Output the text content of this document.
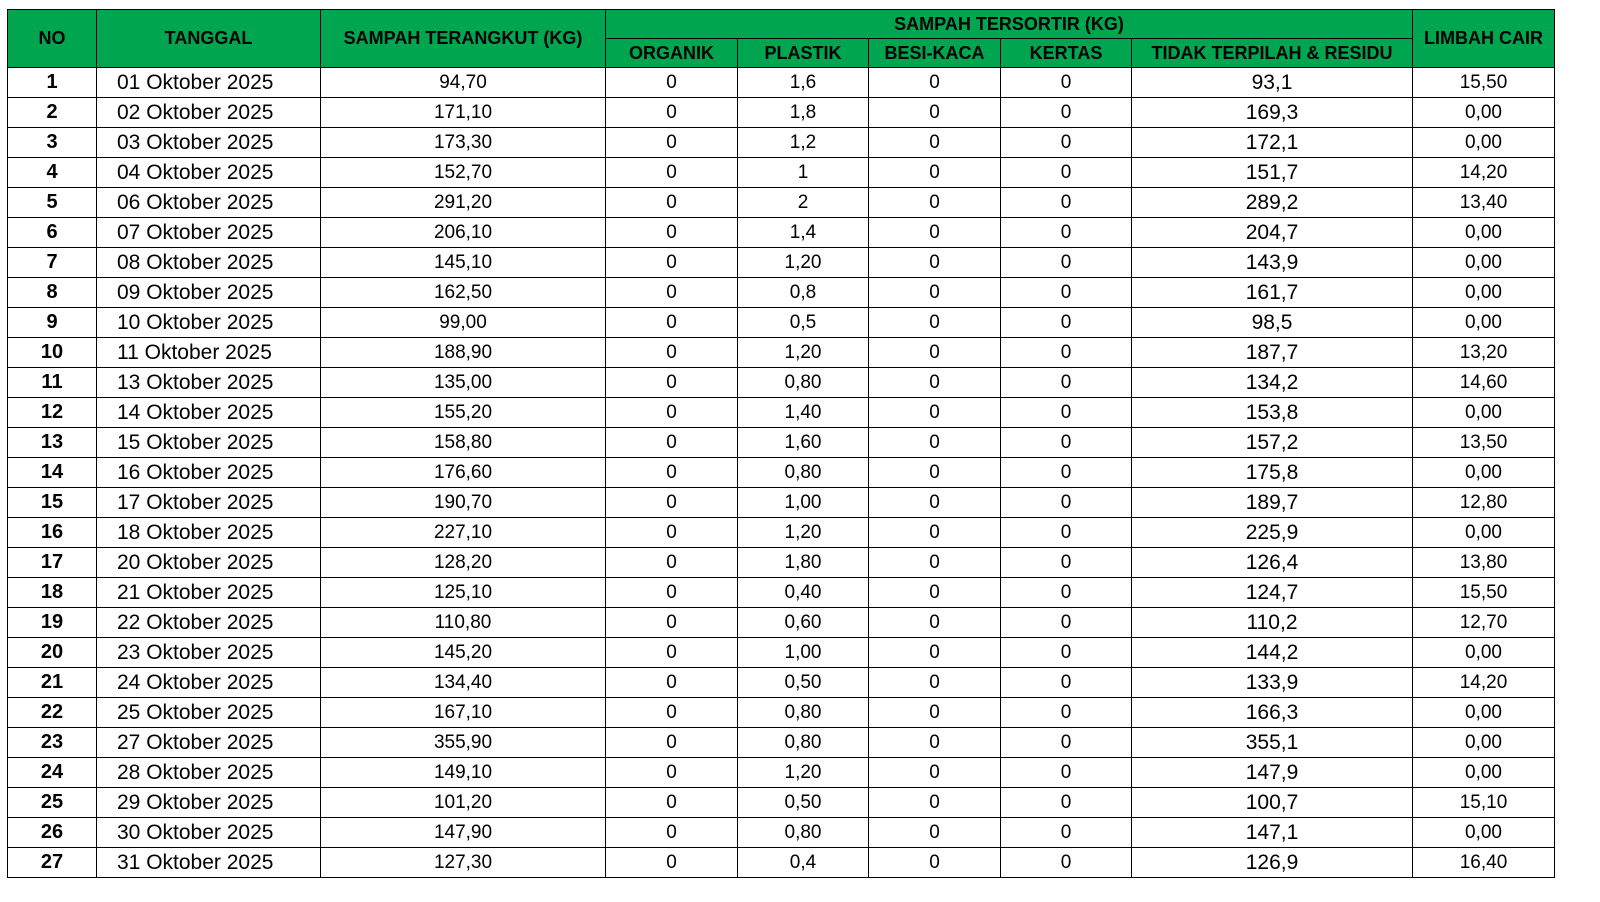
NO	TANGGAL	SAMPAH TERANGKUT (KG)	SAMPAH TERSORTIR (KG)					LIMBAH CAIR
			ORGANIK	PLASTIK	BESI-KACA	KERTAS	TIDAK TERPILAH & RESIDU	
1	01 Oktober 2025	94,70	0	1,6	0	0	93,1	15,50
2	02 Oktober 2025	171,10	0	1,8	0	0	169,3	0,00
3	03 Oktober 2025	173,30	0	1,2	0	0	172,1	0,00
4	04 Oktober 2025	152,70	0	1	0	0	151,7	14,20
5	06 Oktober 2025	291,20	0	2	0	0	289,2	13,40
6	07 Oktober 2025	206,10	0	1,4	0	0	204,7	0,00
7	08 Oktober 2025	145,10	0	1,20	0	0	143,9	0,00
8	09 Oktober 2025	162,50	0	0,8	0	0	161,7	0,00
9	10 Oktober 2025	99,00	0	0,5	0	0	98,5	0,00
10	11 Oktober 2025	188,90	0	1,20	0	0	187,7	13,20
11	13 Oktober 2025	135,00	0	0,80	0	0	134,2	14,60
12	14 Oktober 2025	155,20	0	1,40	0	0	153,8	0,00
13	15 Oktober 2025	158,80	0	1,60	0	0	157,2	13,50
14	16 Oktober 2025	176,60	0	0,80	0	0	175,8	0,00
15	17 Oktober 2025	190,70	0	1,00	0	0	189,7	12,80
16	18 Oktober 2025	227,10	0	1,20	0	0	225,9	0,00
17	20 Oktober 2025	128,20	0	1,80	0	0	126,4	13,80
18	21 Oktober 2025	125,10	0	0,40	0	0	124,7	15,50
19	22 Oktober 2025	110,80	0	0,60	0	0	110,2	12,70
20	23 Oktober 2025	145,20	0	1,00	0	0	144,2	0,00
21	24 Oktober 2025	134,40	0	0,50	0	0	133,9	14,20
22	25 Oktober 2025	167,10	0	0,80	0	0	166,3	0,00
23	27 Oktober 2025	355,90	0	0,80	0	0	355,1	0,00
24	28 Oktober 2025	149,10	0	1,20	0	0	147,9	0,00
25	29 Oktober 2025	101,20	0	0,50	0	0	100,7	15,10
26	30 Oktober 2025	147,90	0	0,80	0	0	147,1	0,00
27	31 Oktober 2025	127,30	0	0,4	0	0	126,9	16,40
